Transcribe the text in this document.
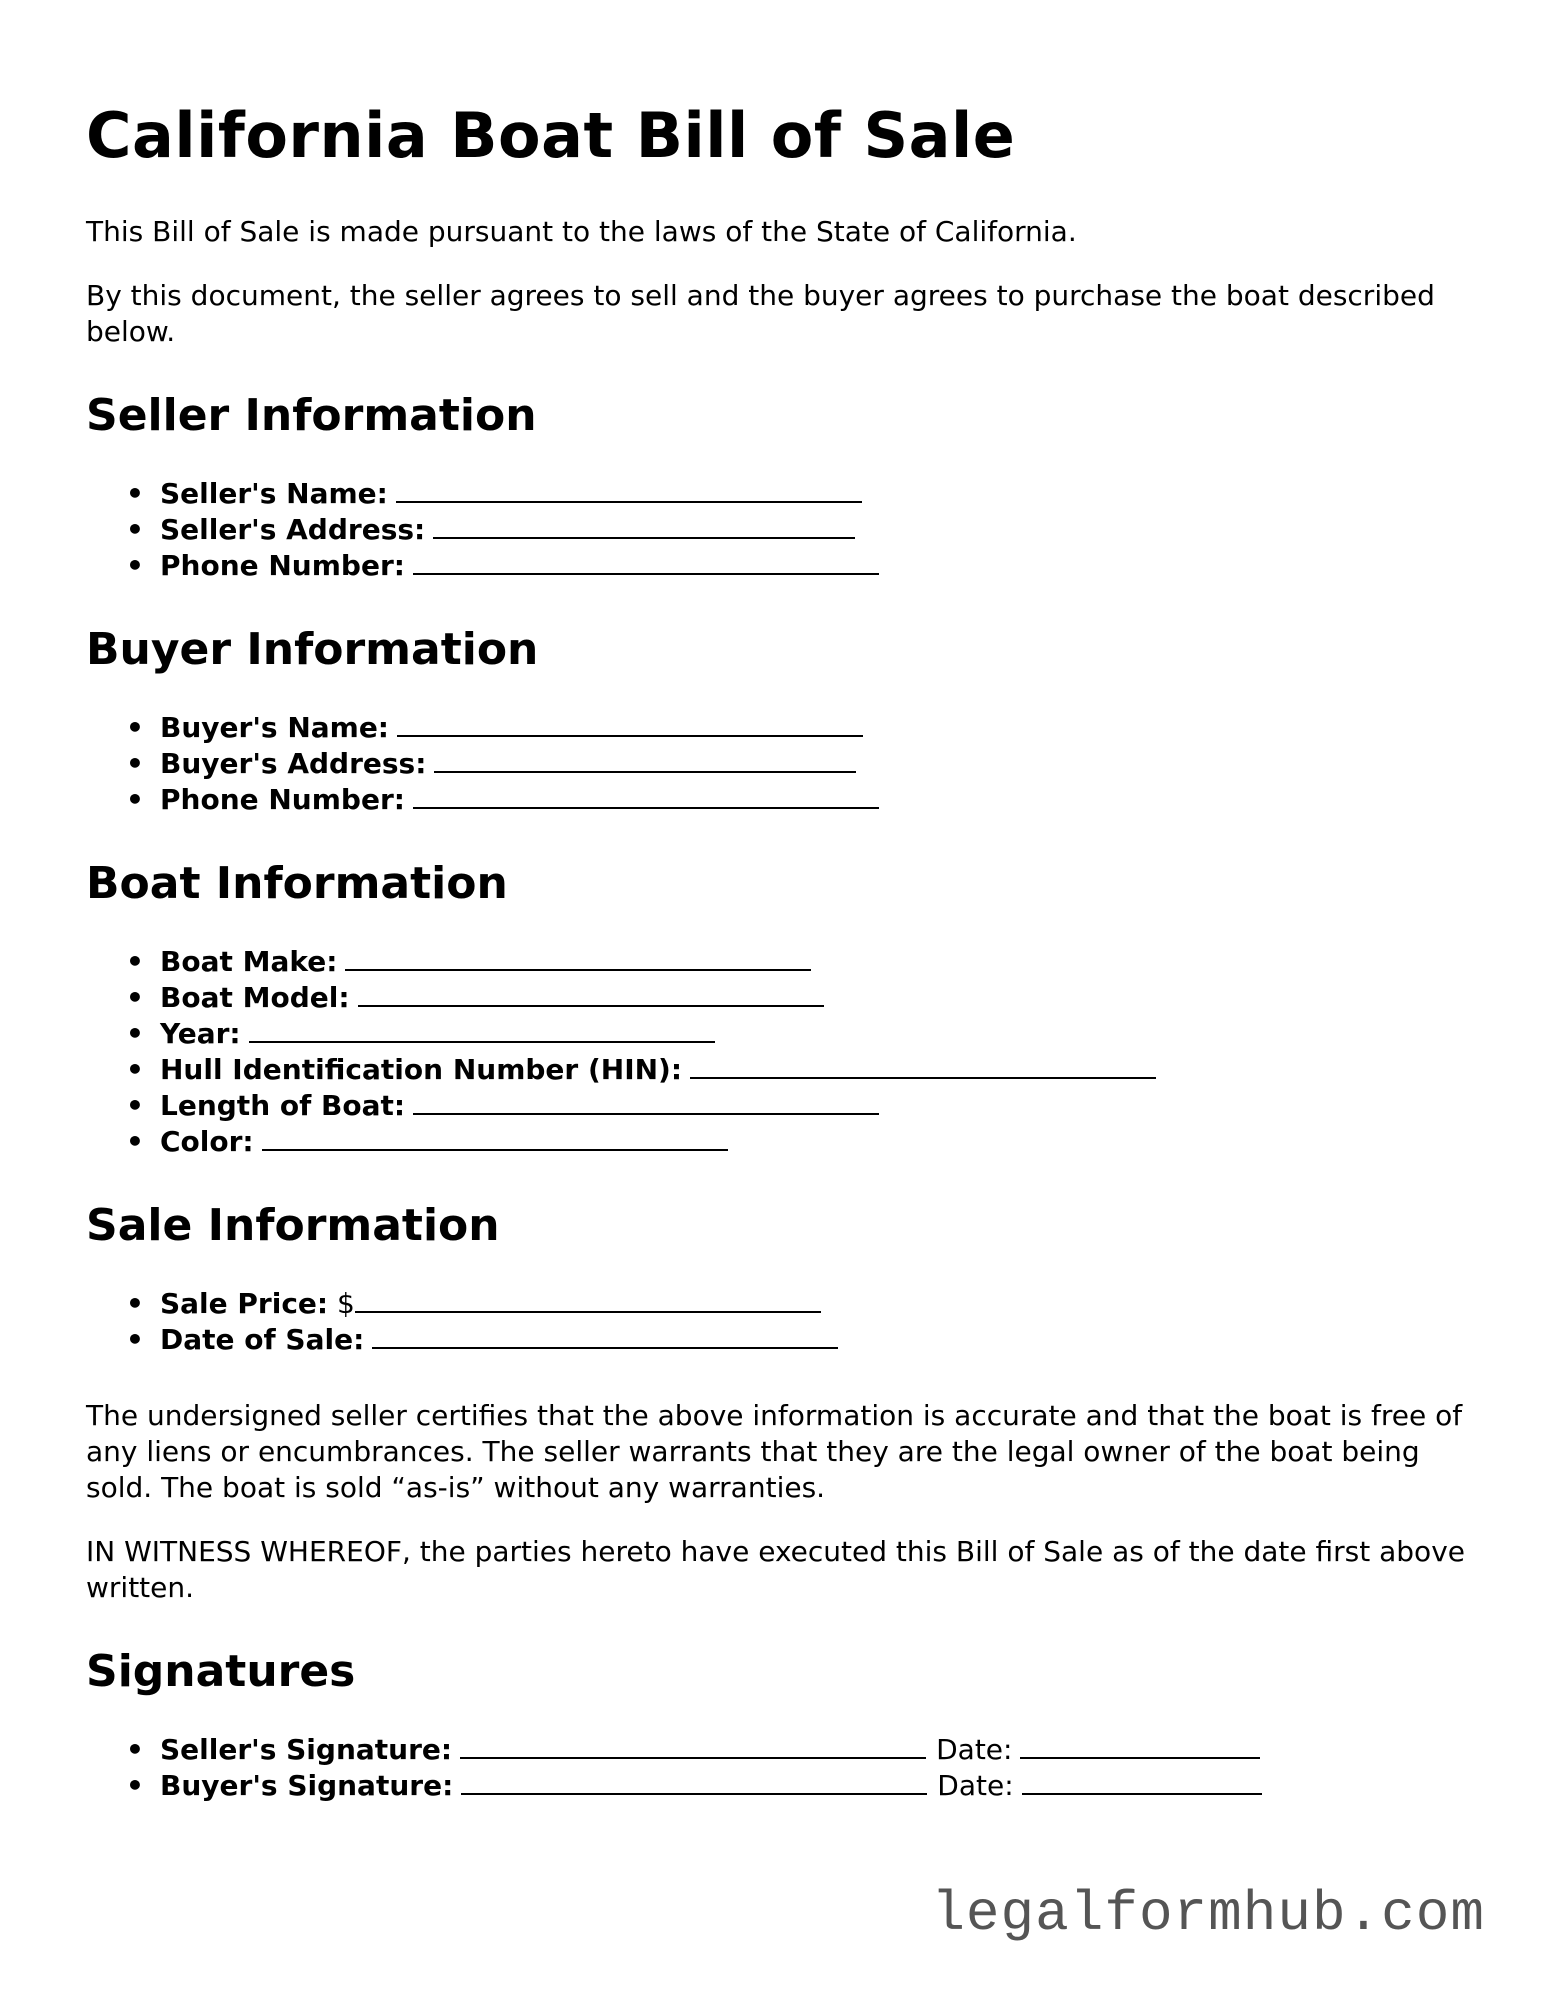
California Boat Bill of Sale

This Bill of Sale is made pursuant to the laws of the State of California.

By this document, the seller agrees to sell and the buyer agrees to purchase the boat described below.

Seller Information
• Seller's Name:
• Seller's Address:
• Phone Number:
Buyer Information
• Buyer's Name:
• Buyer's Address:
• Phone Number:
Boat Information
• Boat Make:
• Boat Model:
• Year:
• Hull Identification Number (HIN):
• Length of Boat:
• Color:
Sale Information
• Sale Price: $
• Date of Sale:

The undersigned seller certifies that the above information is accurate and that the boat is free of any liens or encumbrances. The seller warrants that they are the legal owner of the boat being sold. The boat is sold “as-is” without any warranties.

IN WITNESS WHEREOF, the parties hereto have executed this Bill of Sale as of the date first above written.

Signatures
• Seller's Signature:	Date:
• Buyer's Signature:	Date:
legalformhub.com
